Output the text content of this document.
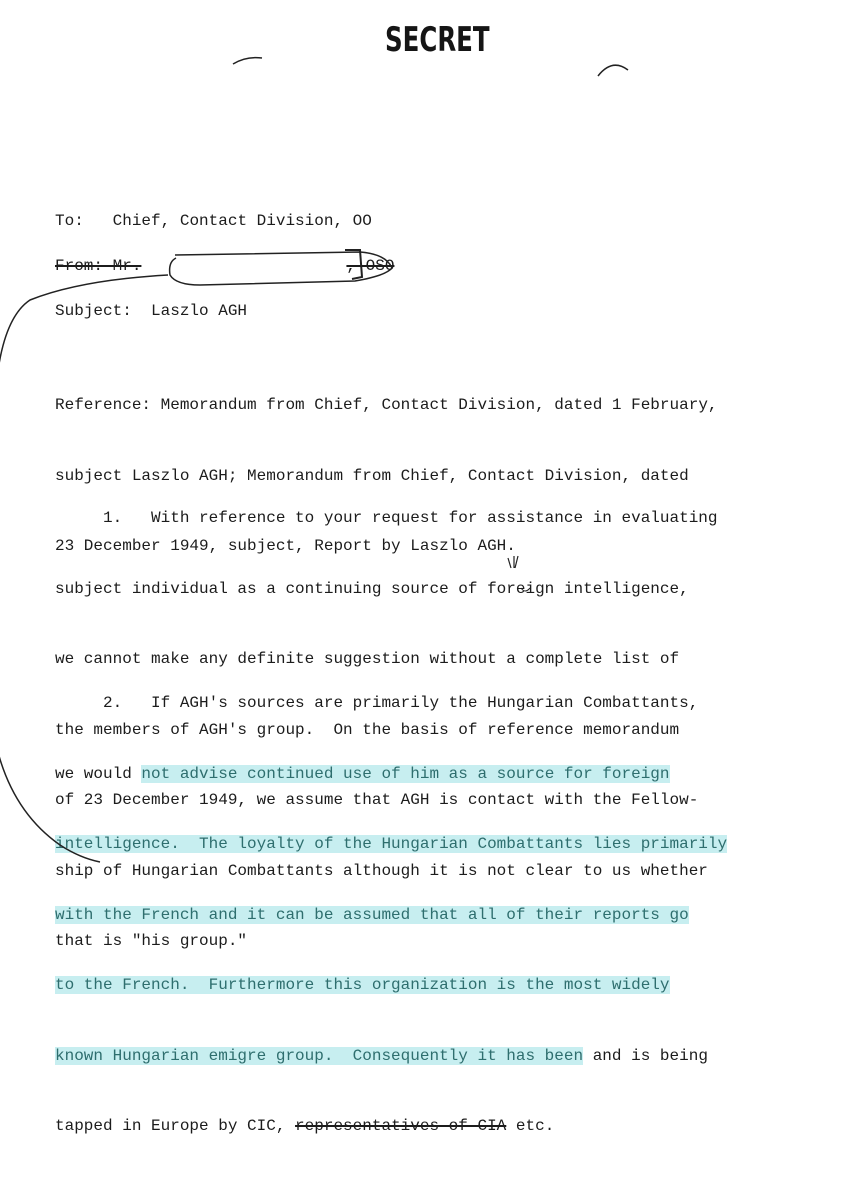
SECRET
To: Chief, Contact Division, OO
From: Mr.	, OSO
Subject: Laszlo AGH

Reference: Memorandum from Chief, Contact Division, dated 1 February,

subject Laszlo AGH; Memorandum from Chief, Contact Division, dated

23 December 1949, subject, Report by Laszlo AGH.

1.   With reference to your request for assistance in evaluating

subject individual as a continuing source of foreign intelligence,

we cannot make any definite suggestion without a complete list of

the members of AGH's group.  On the basis of reference memorandum

of 23 December 1949, we assume that AGH is contact with the Fellow-

ship of Hungarian Combattants although it is not clear to us whether

that is "his group."

2.   If AGH's sources are primarily the Hungarian Combattants,

we would not advise continued use of him as a source for foreign

intelligence.  The loyalty of the Hungarian Combattants lies primarily

with the French and it can be assumed that all of their reports go

to the French.  Furthermore this organization is the most widely

known Hungarian emigre group.  Consequently it has been and is being

tapped in Europe by CIC, representatives of CIA etc.
